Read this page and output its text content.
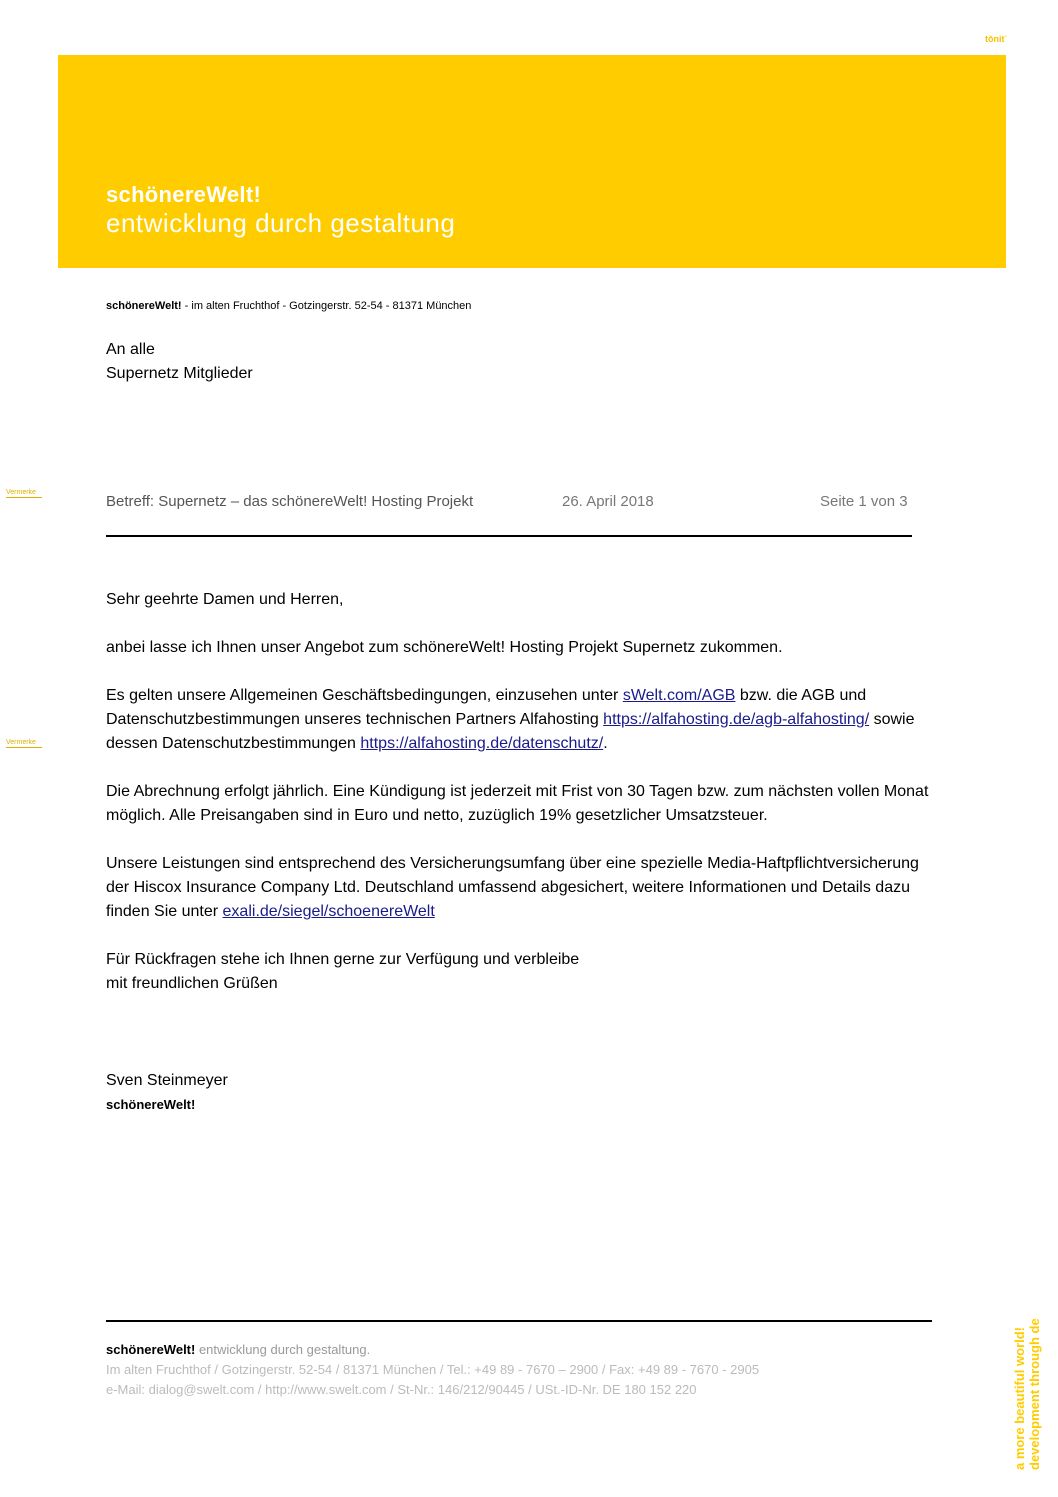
tŏnitˈ
schönereWelt!
entwicklung durch gestaltung
schönereWelt! - im alten Fruchthof - Gotzingerstr. 52-54 - 81371 München
An alle
Supernetz Mitglieder
Vermerke
Vermerke
Betreff: Supernetz – das schönereWelt! Hosting Projekt	26. April 2018	Seite 1 von 3

Sehr geehrte Damen und Herren,

anbei lasse ich Ihnen unser Angebot zum schönereWelt! Hosting Projekt Supernetz zukommen.

Es gelten unsere Allgemeinen Geschäftsbedingungen, einzusehen unter sWelt.com/AGB bzw. die AGB und Datenschutzbestimmungen unseres technischen Partners Alfahosting https://alfahosting.de/agb-alfahosting/ sowie dessen Datenschutzbestimmungen https://alfahosting.de/datenschutz/.

Die Abrechnung erfolgt jährlich. Eine Kündigung ist jederzeit mit Frist von 30 Tagen bzw. zum nächsten vollen Monat möglich. Alle Preisangaben sind in Euro und netto, zuzüglich 19% gesetzlicher Umsatzsteuer.

Unsere Leistungen sind entsprechend des Versicherungsumfang über eine spezielle Media-Haftpflichtversicherung der Hiscox Insurance Company Ltd. Deutschland umfassend abgesichert, weitere Informationen und Details dazu finden Sie unter exali.de/siegel/schoenereWelt

Für Rückfragen stehe ich Ihnen gerne zur Verfügung und verbleibe
mit freundlichen Grüßen

Sven Steinmeyer
schönereWelt!
schönereWelt! entwicklung durch gestaltung.
Im alten Fruchthof / Gotzingerstr. 52-54 / 81371 München / Tel.: +49 89 - 7670 – 2900 / Fax: +49 89 - 7670 - 2905
e-Mail: dialog@swelt.com / http://www.swelt.com / St-Nr.: 146/212/90445 / USt.-ID-Nr. DE 180 152 220	a more beautiful world! development through de
